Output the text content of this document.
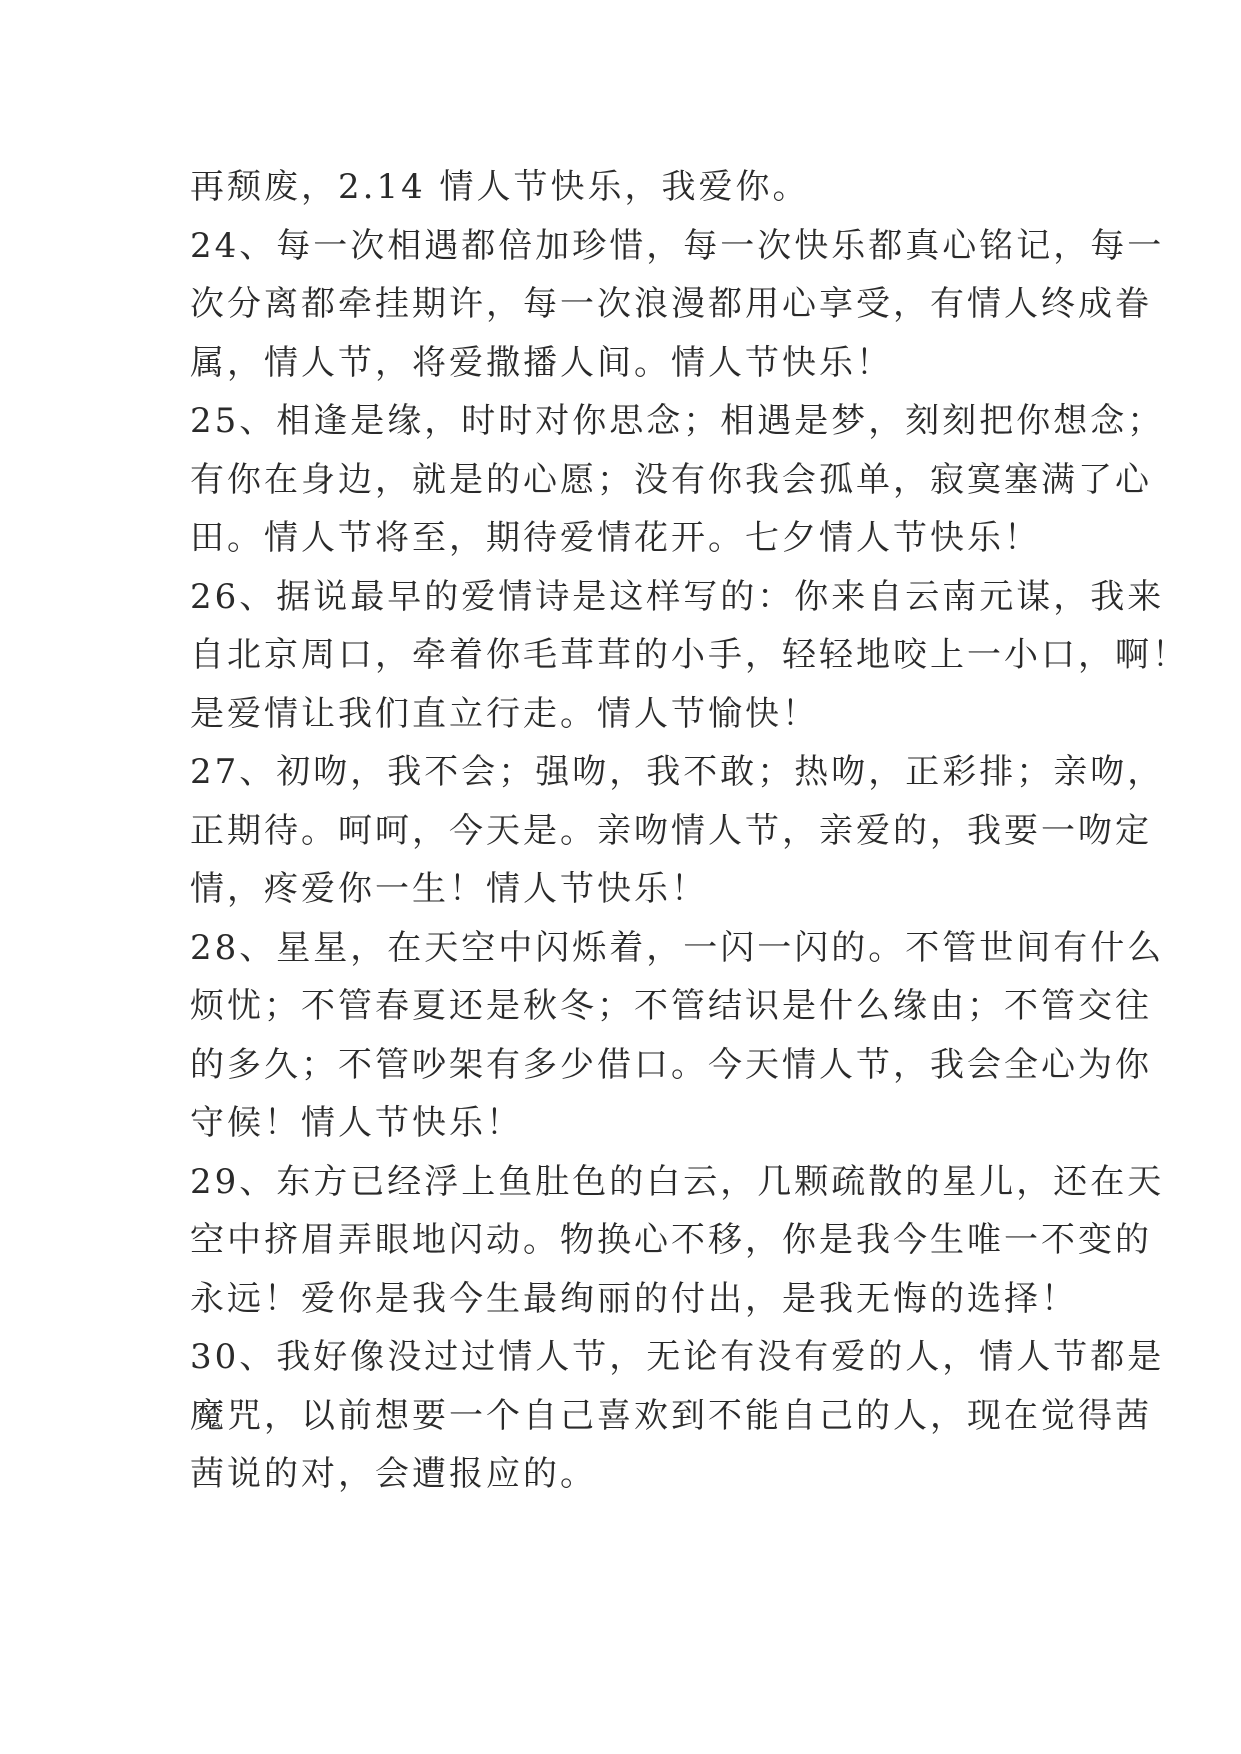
再颓废，2.14 情人节快乐，我爱你。
24、每一次相遇都倍加珍惜，每一次快乐都真心铭记，每一
次分离都牵挂期许，每一次浪漫都用心享受，有情人终成眷
属，情人节，将爱撒播人间。情人节快乐！
25、相逢是缘，时时对你思念；相遇是梦，刻刻把你想念；
有你在身边，就是的心愿；没有你我会孤单，寂寞塞满了心
田。情人节将至，期待爱情花开。七夕情人节快乐！
26、据说最早的爱情诗是这样写的：你来自云南元谋，我来
自北京周口，牵着你毛茸茸的小手，轻轻地咬上一小口，啊！
是爱情让我们直立行走。情人节愉快！
27、初吻，我不会；强吻，我不敢；热吻，正彩排；亲吻，
正期待。呵呵，今天是。亲吻情人节，亲爱的，我要一吻定
情，疼爱你一生！情人节快乐！
28、星星，在天空中闪烁着，一闪一闪的。不管世间有什么
烦忧；不管春夏还是秋冬；不管结识是什么缘由；不管交往
的多久；不管吵架有多少借口。今天情人节，我会全心为你
守候！情人节快乐！
29、东方已经浮上鱼肚色的白云，几颗疏散的星儿，还在天
空中挤眉弄眼地闪动。物换心不移，你是我今生唯一不变的
永远！爱你是我今生最绚丽的付出，是我无悔的选择！
30、我好像没过过情人节，无论有没有爱的人，情人节都是
魔咒，以前想要一个自己喜欢到不能自己的人，现在觉得茜
茜说的对，会遭报应的。
